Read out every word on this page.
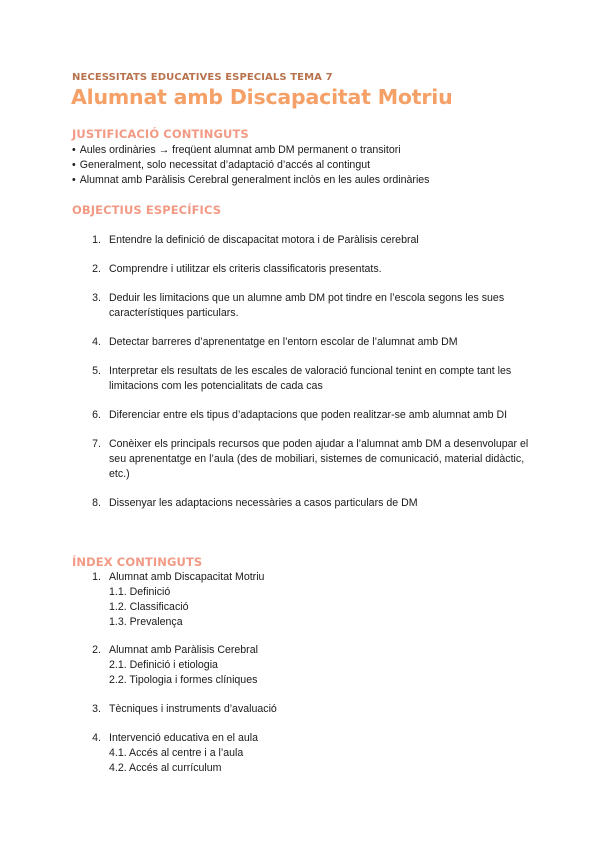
NECESSITATS EDUCATIVES ESPECIALS TEMA 7
Alumnat amb Discapacitat Motriu
JUSTIFICACIÓ CONTINGUTS
• Aules ordinàries → freqüent alumnat amb DM permanent o transitori
• Generalment, solo necessitat d’adaptació d’accés al contingut
• Alumnat amb Paràlisis Cerebral generalment inclòs en les aules ordinàries
OBJECTIUS ESPECÍFICS
1. Entendre la definició de discapacitat motora i de Paràlisis cerebral
2. Comprendre i utilitzar els criteris classificatoris presentats.
3. Deduir les limitacions que un alumne amb DM pot tindre en l’escola segons les sues característiques particulars.
4. Detectar barreres d’aprenentatge en l’entorn escolar de l’alumnat amb DM
5. Interpretar els resultats de les escales de valoració funcional tenint en compte tant les limitacions com les potencialitats de cada cas
6. Diferenciar entre els tipus d’adaptacions que poden realitzar-se amb alumnat amb DI
7. Conèixer els principals recursos que poden ajudar a l’alumnat amb DM a desenvolupar el seu aprenentatge en l’aula (des de mobiliari, sistemes de comunicació, material didàctic, etc.)
8. Dissenyar les adaptacions necessàries a casos particulars de DM
ÍNDEX CONTINGUTS
1. Alumnat amb Discapacitat Motriu
1.1. Definició
1.2. Classificació
1.3. Prevalença
2. Alumnat amb Paràlisis Cerebral
2.1. Definició i etiologia
2.2. Tipologia i formes clíniques
3. Tècniques i instruments d’avaluació
4. Intervenció educativa en el aula
4.1. Accés al centre i a l’aula
4.2. Accés al currículum
